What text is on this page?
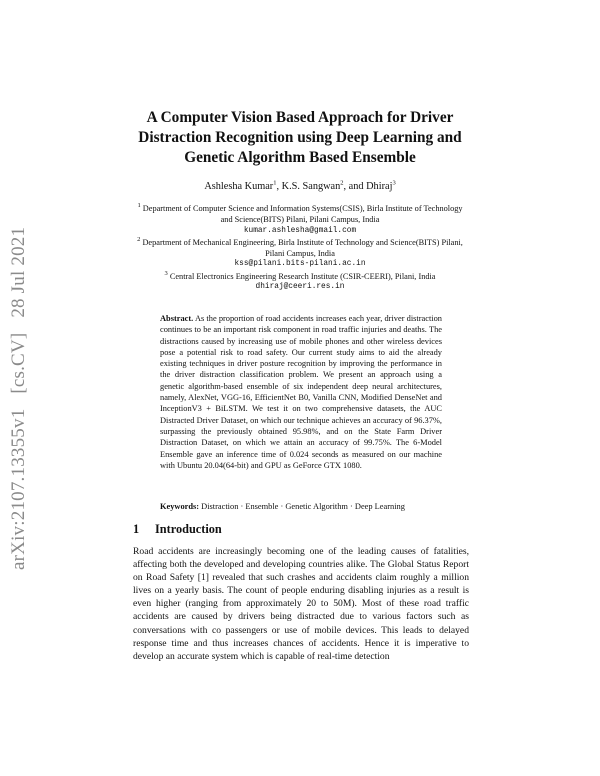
arXiv:2107.13355v1 [cs.CV] 28 Jul 2021
A Computer Vision Based Approach for Driver Distraction Recognition using Deep Learning and Genetic Algorithm Based Ensemble
Ashlesha Kumar$^1$, K.S. Sangwan$^2$, and Dhiraj$^3$
$^1$ Department of Computer Science and Information Systems(CSIS), Birla Institute of Technology and Science(BITS) Pilani, Pilani Campus, India
kumar.ashlesha@gmail.com
$^2$ Department of Mechanical Engineering, Birla Institute of Technology and Science(BITS) Pilani, Pilani Campus, India
kss@pilani.bits-pilani.ac.in
$^3$ Central Electronics Engineering Research Institute (CSIR-CEERI), Pilani, India
dhiraj@ceeri.res.in
Abstract. As the proportion of road accidents increases each year, driver distraction continues to be an important risk component in road traffic injuries and deaths. The distractions caused by increasing use of mobile phones and other wireless devices pose a potential risk to road safety. Our current study aims to aid the already existing techniques in driver posture recognition by improving the performance in the driver distraction classification problem. We present an approach using a genetic algorithm-based ensemble of six independent deep neural architectures, namely, AlexNet, VGG-16, EfficientNet B0, Vanilla CNN, Modified DenseNet and InceptionV3 + BiLSTM. We test it on two comprehensive datasets, the AUC Distracted Driver Dataset, on which our technique achieves an accuracy of 96.37%, surpassing the previously obtained 95.98%, and on the State Farm Driver Distraction Dataset, on which we attain an accuracy of 99.75%. The 6-Model Ensemble gave an inference time of 0.024 seconds as measured on our machine with Ubuntu 20.04(64-bit) and GPU as GeForce GTX 1080.
Keywords: Distraction · Ensemble · Genetic Algorithm · Deep Learning
1 Introduction
Road accidents are increasingly becoming one of the leading causes of fatalities, affecting both the developed and developing countries alike. The Global Status Report on Road Safety [1] revealed that such crashes and accidents claim roughly a million lives on a yearly basis. The count of people enduring disabling injuries as a result is even higher (ranging from approximately 20 to 50M). Most of these road traffic accidents are caused by drivers being distracted due to various factors such as conversations with co passengers or use of mobile devices. This leads to delayed response time and thus increases chances of accidents. Hence it is imperative to develop an accurate system which is capable of real-time detection
